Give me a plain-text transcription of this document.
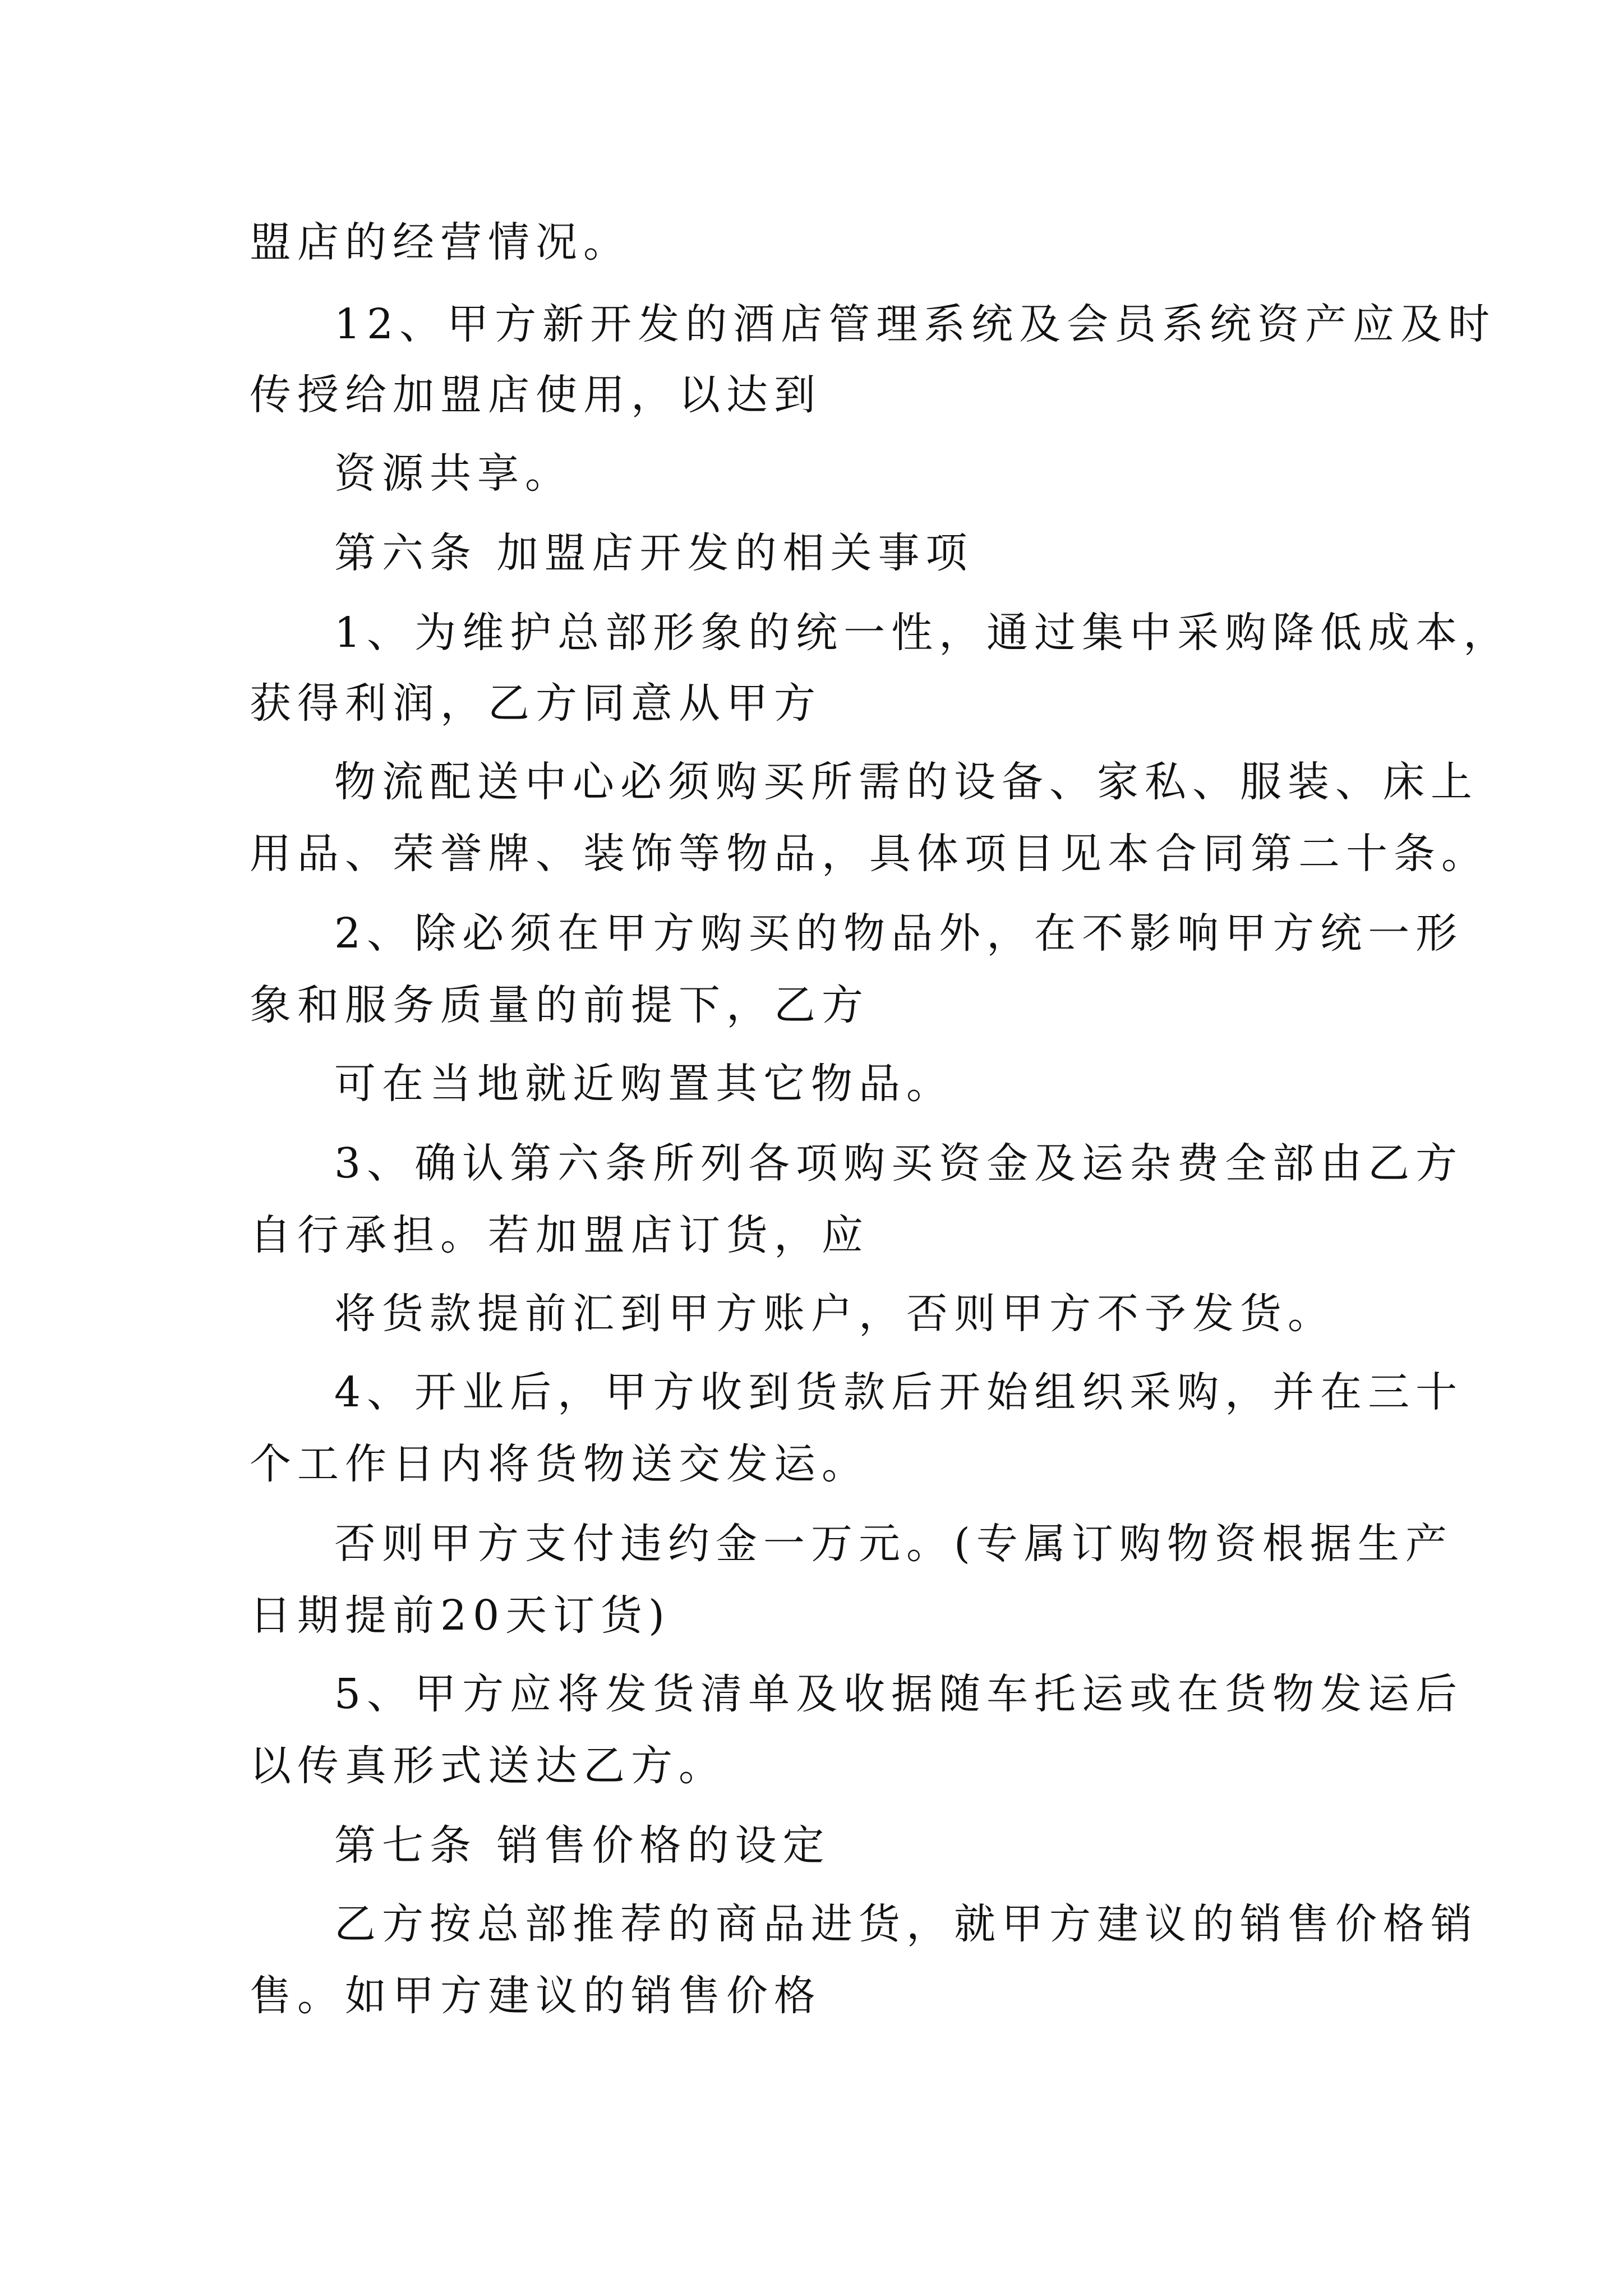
盟店的经营情况。
12、甲方新开发的酒店管理系统及会员系统资产应及时
传授给加盟店使用，以达到
资源共享。
第六条 加盟店开发的相关事项
1、为维护总部形象的统一性，通过集中采购降低成本，
获得利润，乙方同意从甲方
物流配送中心必须购买所需的设备、家私、服装、床上
用品、荣誉牌、装饰等物品，具体项目见本合同第二十条。
2、除必须在甲方购买的物品外，在不影响甲方统一形
象和服务质量的前提下，乙方
可在当地就近购置其它物品。
3、确认第六条所列各项购买资金及运杂费全部由乙方
自行承担。若加盟店订货，应
将货款提前汇到甲方账户，否则甲方不予发货。
4、开业后，甲方收到货款后开始组织采购，并在三十
个工作日内将货物送交发运。
否则甲方支付违约金一万元。(专属订购物资根据生产
日期提前20天订货)
5、甲方应将发货清单及收据随车托运或在货物发运后
以传真形式送达乙方。
第七条 销售价格的设定
乙方按总部推荐的商品进货，就甲方建议的销售价格销
售。如甲方建议的销售价格
